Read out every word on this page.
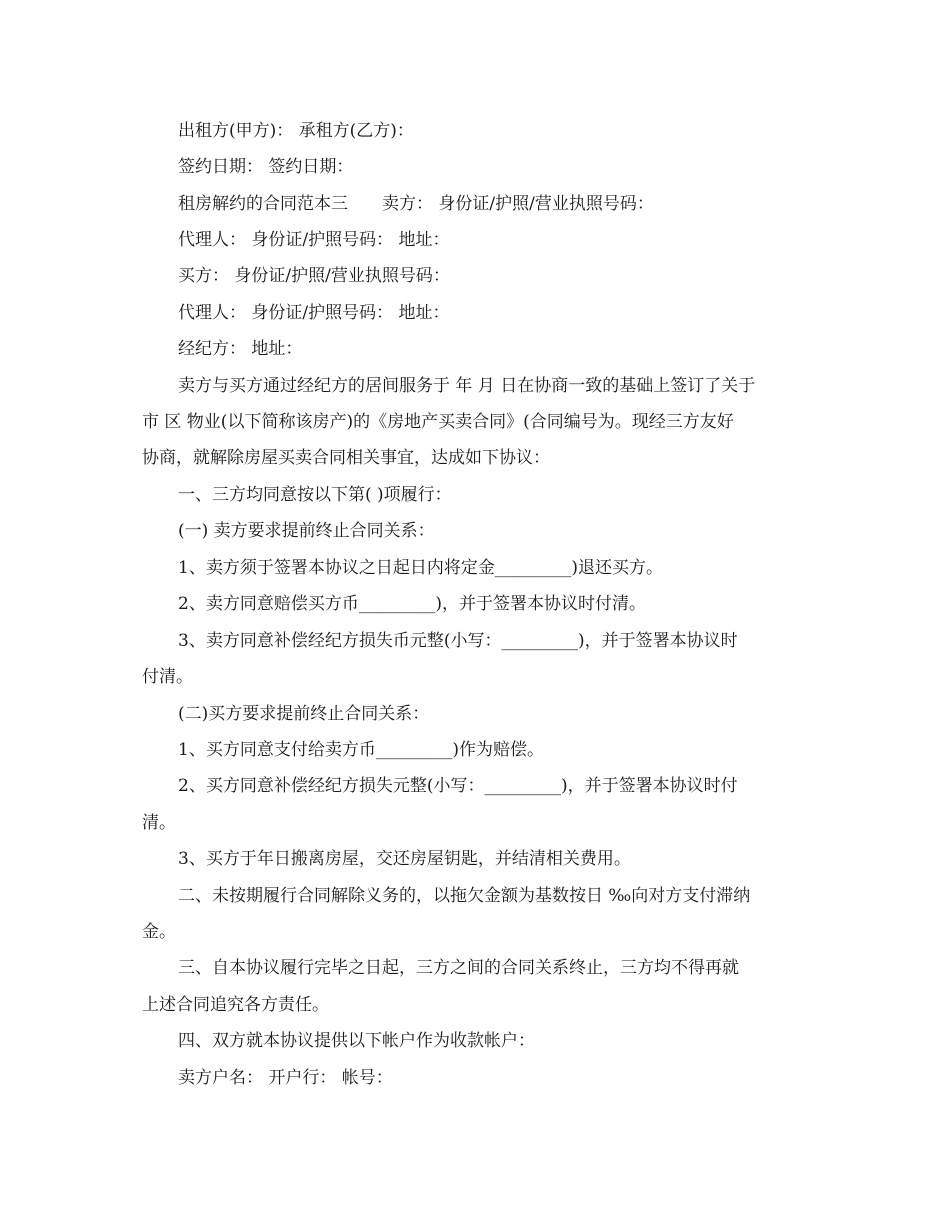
出租方(甲方)： 承租方(乙方)：
签约日期： 签约日期：
租房解约的合同范本三 卖方： 身份证/护照/营业执照号码：
代理人： 身份证/护照号码： 地址：
买方： 身份证/护照/营业执照号码：
代理人： 身份证/护照号码： 地址：
经纪方： 地址：
卖方与买方通过经纪方的居间服务于 年 月 日在协商一致的基础上签订了关于
市 区 物业(以下简称该房产)的《房地产买卖合同》(合同编号为。现经三方友好
协商，就解除房屋买卖合同相关事宜，达成如下协议：
一、三方均同意按以下第( )项履行：
(一) 卖方要求提前终止合同关系：
1、卖方须于签署本协议之日起日内将定金_________)退还买方。
2、卖方同意赔偿买方币_________)，并于签署本协议时付清。
3、卖方同意补偿经纪方损失币元整(小写：_________)，并于签署本协议时
付清。
(二)买方要求提前终止合同关系：
1、买方同意支付给卖方币_________)作为赔偿。
2、买方同意补偿经纪方损失元整(小写：_________)，并于签署本协议时付
清。
3、买方于年日搬离房屋，交还房屋钥匙，并结清相关费用。
二、未按期履行合同解除义务的，以拖欠金额为基数按日 ‰向对方支付滞纳
金。
三、自本协议履行完毕之日起，三方之间的合同关系终止，三方均不得再就
上述合同追究各方责任。
四、双方就本协议提供以下帐户作为收款帐户：
卖方户名： 开户行： 帐号：
